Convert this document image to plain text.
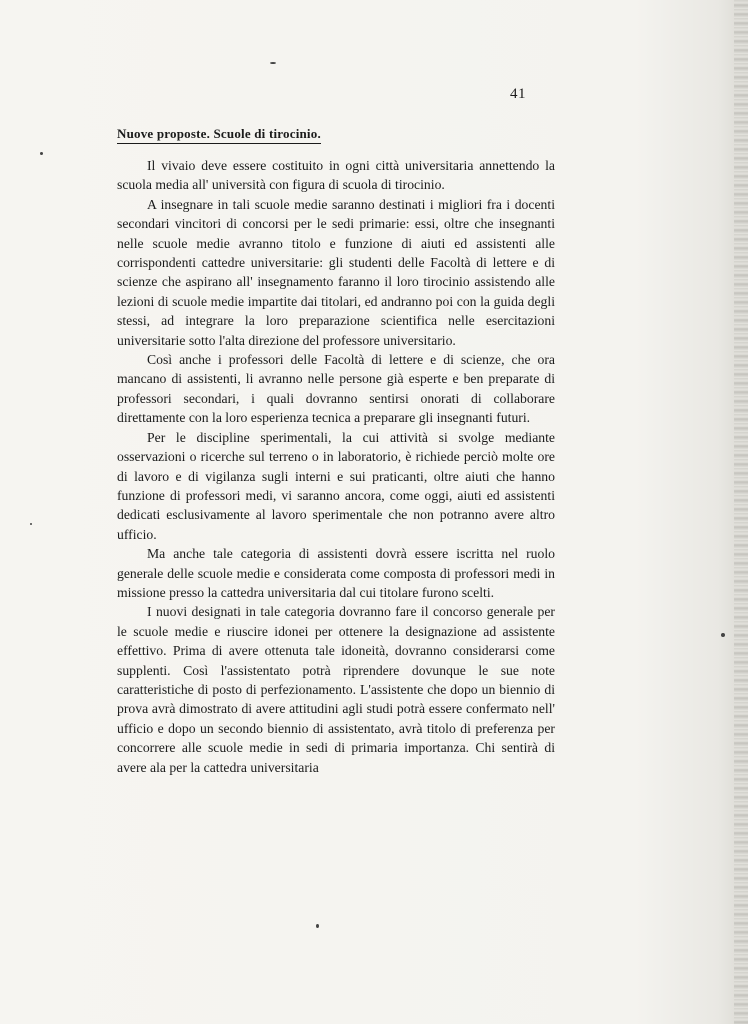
41
Nuove proposte. Scuole di tirocinio.

Il vivaio deve essere costituito in ogni città universitaria annettendo la scuola media all' università con figura di scuola di tirocinio.

A insegnare in tali scuole medie saranno destinati i migliori fra i docenti secondari vincitori di concorsi per le sedi primarie: essi, oltre che insegnanti nelle scuole medie avranno titolo e funzione di aiuti ed assistenti alle corrispondenti cattedre universitarie: gli studenti delle Facoltà di lettere e di scienze che aspirano all' insegnamento faranno il loro tirocinio assistendo alle lezioni di scuole medie impartite dai titolari, ed andranno poi con la guida degli stessi, ad integrare la loro preparazione scientifica nelle esercitazioni universitarie sotto l'alta direzione del professore universitario.

Così anche i professori delle Facoltà di lettere e di scienze, che ora mancano di assistenti, li avranno nelle persone già esperte e ben preparate di professori secondari, i quali dovranno sentirsi onorati di collaborare direttamente con la loro esperienza tecnica a preparare gli insegnanti futuri.

Per le discipline sperimentali, la cui attività si svolge mediante osservazioni o ricerche sul terreno o in laboratorio, è richiede perciò molte ore di lavoro e di vigilanza sugli interni e sui praticanti, oltre aiuti che hanno funzione di professori medi, vi saranno ancora, come oggi, aiuti ed assistenti dedicati esclusivamente al lavoro sperimentale che non potranno avere altro ufficio.

Ma anche tale categoria di assistenti dovrà essere iscritta nel ruolo generale delle scuole medie e considerata come composta di professori medi in missione presso la cattedra universitaria dal cui titolare furono scelti.

I nuovi designati in tale categoria dovranno fare il concorso generale per le scuole medie e riuscire idonei per ottenere la designazione ad assistente effettivo. Prima di avere ottenuta tale idoneità, dovranno considerarsi come supplenti. Così l'assistentato potrà riprendere dovunque le sue note caratteristiche di posto di perfezionamento. L'assistente che dopo un biennio di prova avrà dimostrato di avere attitudini agli studi potrà essere confermato nell' ufficio e dopo un secondo biennio di assistentato, avrà titolo di preferenza per concorrere alle scuole medie in sedi di primaria importanza. Chi sentirà di avere ala per la cattedra universitaria
